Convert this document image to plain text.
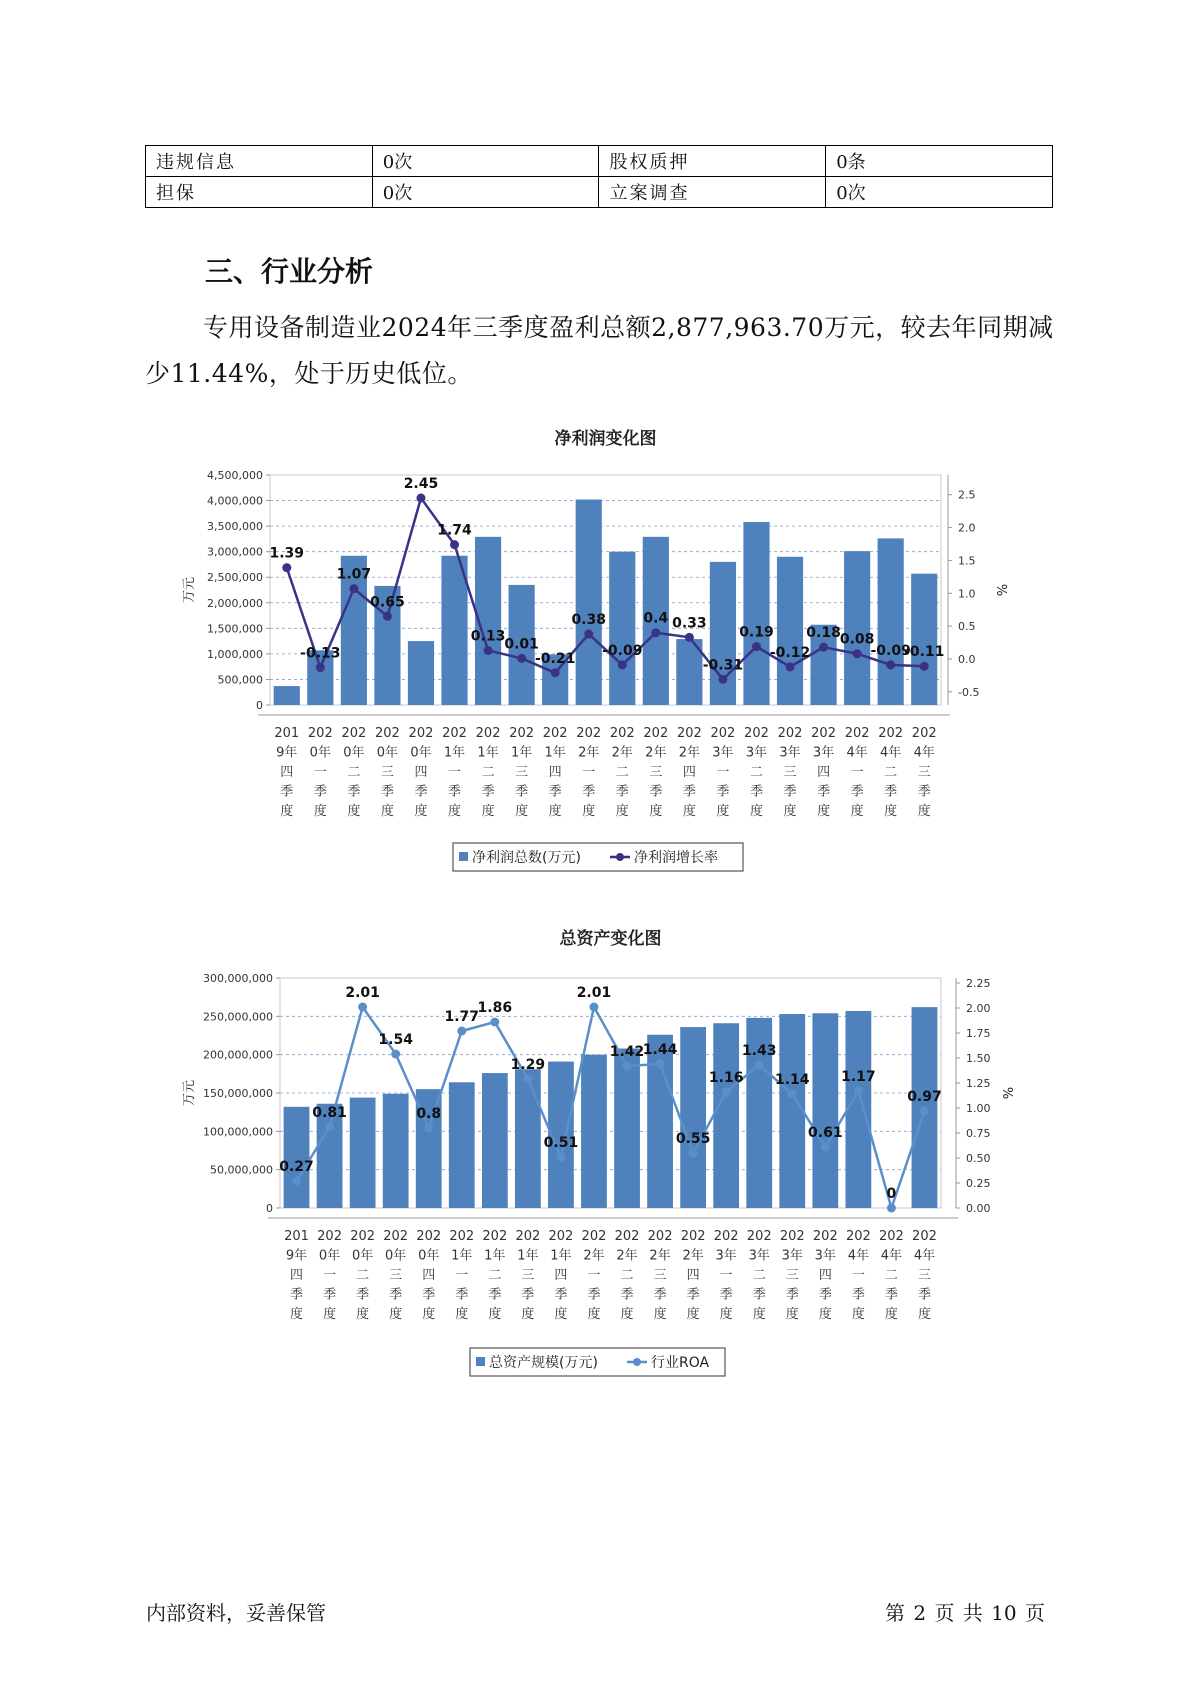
违规信息	0次	股权质押	0条
担保	0次	立案调查	0次
三、行业分析

专用设备制造业2024年三季度盈利总额2,877,963.70万元，较去年同期减少11.44%，处于历史低位。

净利润变化图
0
500,000
1,000,000
1,500,000
2,000,000
2,500,000
3,000,000
3,500,000
4,000,000
4,500,000
-0.5
0.0
0.5
1.0
1.5
2.0
2.5
万元	%
201 9年四季度
202 0年一季度
202 0年二季度
202 0年三季度
202 0年四季度
202 1年一季度
202 1年二季度
202 1年三季度
202 1年四季度
202 2年一季度
202 2年二季度
202 2年三季度
202 2年四季度
202 3年一季度
202 3年二季度
202 3年三季度
202 3年四季度
202 4年一季度
202 4年二季度
202 4年三季度
1.39
-0.13
1.07
0.65
2.45
1.74
0.13 0.01
-0.21
0.38
-0.09
0.4 0.33
-0.31
0.19
-0.12
0.18 0.08
-0.09
-0.11
净利润总数(万元)	净利润增长率
总资产变化图
0
50,000,000
100,000,000
150,000,000
200,000,000
250,000,000
300,000,000
0.00
0.25
0.50
0.75
1.00
1.25
1.50
1.75
2.00
2.25
万元	%
201 9年四季度
202 0年一季度
202 0年二季度
202 0年三季度
202 0年四季度
202 1年一季度
202 1年二季度
202 1年三季度
202 1年四季度
202 2年一季度
202 2年二季度
202 2年三季度
202 2年四季度
202 3年一季度
202 3年二季度
202 3年三季度
202 3年四季度
202 4年一季度
202 4年二季度
202 4年三季度
0.27
0.81
2.01
1.54
0.8
1.77
1.86
1.29
0.51
2.01
1.42
1.44
0.55
1.16
1.43
1.14
0.61
1.17
0
0.97
总资产规模(万元)	行业ROA
内部资料，妥善保管	第 2 页 共 10 页
